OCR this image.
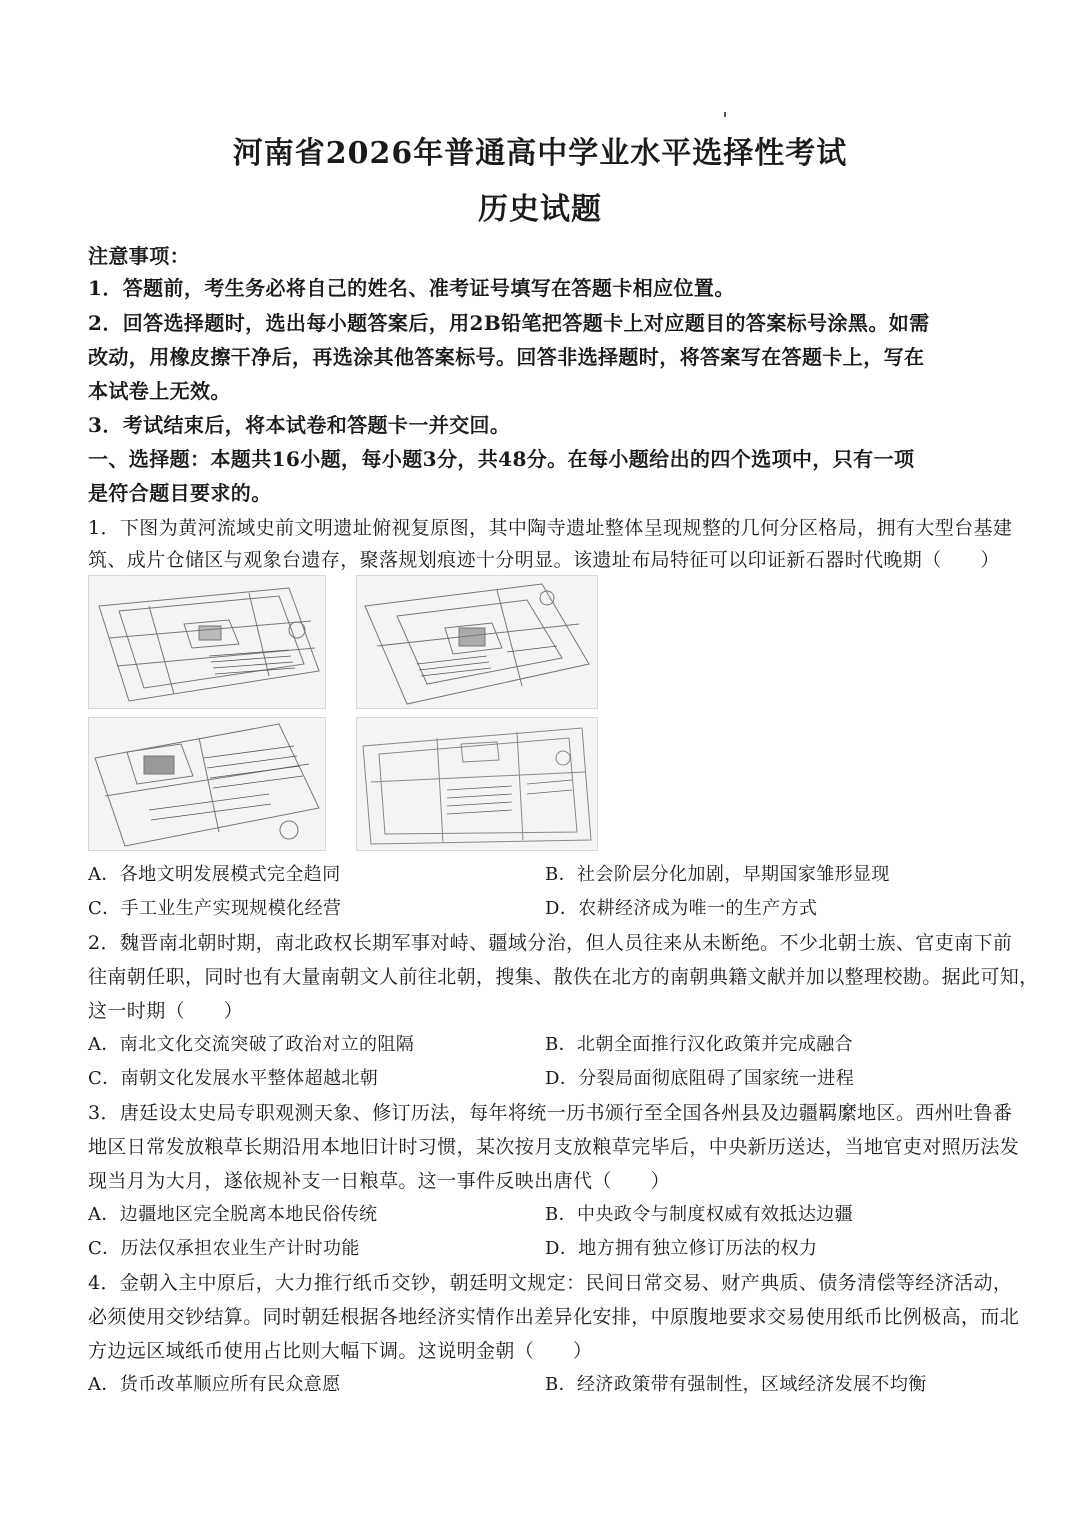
河南省2026年普通高中学业水平选择性考试
历史试题
注意事项：
1．答题前，考生务必将自己的姓名、准考证号填写在答题卡相应位置。
2．回答选择题时，选出每小题答案后，用2B铅笔把答题卡上对应题目的答案标号涂黑。如需
改动，用橡皮擦干净后，再选涂其他答案标号。回答非选择题时，将答案写在答题卡上，写在
本试卷上无效。
3．考试结束后，将本试卷和答题卡一并交回。
一、选择题：本题共16小题，每小题3分，共48分。在每小题给出的四个选项中，只有一项
是符合题目要求的。
1．下图为黄河流域史前文明遗址俯视复原图，其中陶寺遗址整体呈现规整的几何分区格局，拥有大型台基建
筑、成片仓储区与观象台遗存，聚落规划痕迹十分明显。该遗址布局特征可以印证新石器时代晚期（　　）
A．各地文明发展模式完全趋同	B．社会阶层分化加剧，早期国家雏形显现
C．手工业生产实现规模化经营	D．农耕经济成为唯一的生产方式
2．魏晋南北朝时期，南北政权长期军事对峙、疆域分治，但人员往来从未断绝。不少北朝士族、官吏南下前
往南朝任职，同时也有大量南朝文人前往北朝，搜集、散佚在北方的南朝典籍文献并加以整理校勘。据此可知，
这一时期（　　）
A．南北文化交流突破了政治对立的阻隔	B．北朝全面推行汉化政策并完成融合
C．南朝文化发展水平整体超越北朝	D．分裂局面彻底阻碍了国家统一进程
3．唐廷设太史局专职观测天象、修订历法，每年将统一历书颁行至全国各州县及边疆羁縻地区。西州吐鲁番
地区日常发放粮草长期沿用本地旧计时习惯，某次按月支放粮草完毕后，中央新历送达，当地官吏对照历法发
现当月为大月，遂依规补支一日粮草。这一事件反映出唐代（　　）
A．边疆地区完全脱离本地民俗传统	B．中央政令与制度权威有效抵达边疆
C．历法仅承担农业生产计时功能	D．地方拥有独立修订历法的权力
4．金朝入主中原后，大力推行纸币交钞，朝廷明文规定：民间日常交易、财产典质、债务清偿等经济活动，
必须使用交钞结算。同时朝廷根据各地经济实情作出差异化安排，中原腹地要求交易使用纸币比例极高，而北
方边远区域纸币使用占比则大幅下调。这说明金朝（　　）
A．货币改革顺应所有民众意愿	B．经济政策带有强制性，区域经济发展不均衡
